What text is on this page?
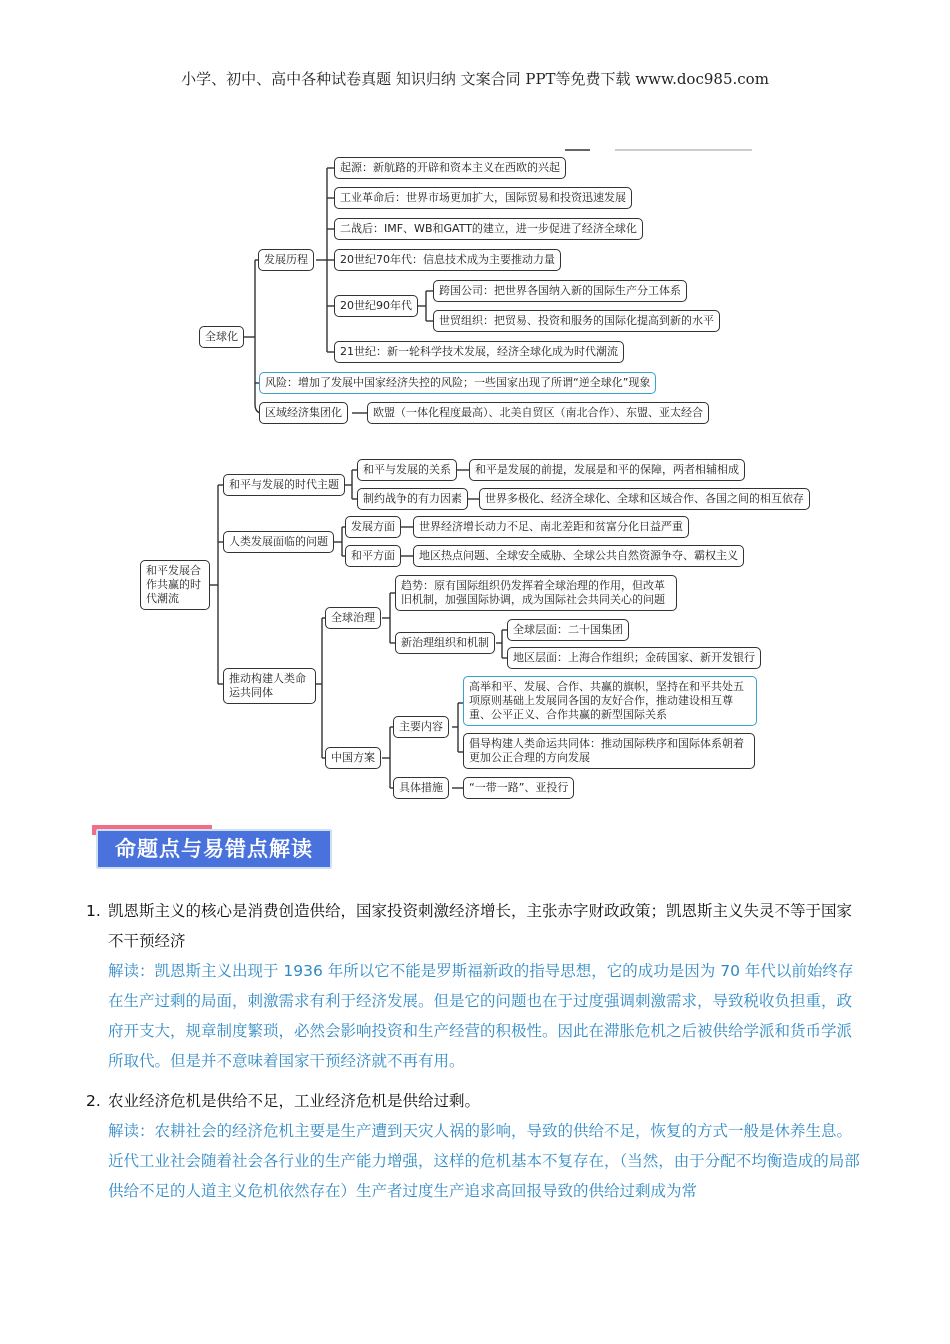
小学、初中、高中各种试卷真题 知识归纳 文案合同 PPT等免费下载 www.doc985.com
全球化
发展历程
起源：新航路的开辟和资本主义在西欧的兴起
工业革命后：世界市场更加扩大，国际贸易和投资迅速发展
二战后：IMF、WB和GATT的建立，进一步促进了经济全球化
20世纪70年代：信息技术成为主要推动力量
20世纪90年代
跨国公司：把世界各国纳入新的国际生产分工体系
世贸组织：把贸易、投资和服务的国际化提高到新的水平
21世纪：新一轮科学技术发展，经济全球化成为时代潮流
风险：增加了发展中国家经济失控的风险；一些国家出现了所谓“逆全球化”现象
区域经济集团化	欧盟（一体化程度最高）、北美自贸区（南北合作）、东盟、亚太经合
和平发展合作共赢的时代潮流
和平与发展的时代主题
和平与发展的关系	和平是发展的前提，发展是和平的保障，两者相辅相成
制约战争的有力因素	世界多极化、经济全球化、全球和区域合作、各国之间的相互依存
人类发展面临的问题
发展方面	世界经济增长动力不足、南北差距和贫富分化日益严重
和平方面	地区热点问题、全球安全威胁、全球公共自然资源争夺、霸权主义
推动构建人类命运共同体
全球治理
趋势：原有国际组织仍发挥着全球治理的作用，但改革旧机制，加强国际协调，成为国际社会共同关心的问题
新治理组织和机制
全球层面：二十国集团
地区层面：上海合作组织；金砖国家、新开发银行
中国方案
主要内容
高举和平、发展、合作、共赢的旗帜，坚持在和平共处五项原则基础上发展同各国的友好合作，推动建设相互尊重、公平正义、合作共赢的新型国际关系
倡导构建人类命运共同体：推动国际秩序和国际体系朝着更加公正合理的方向发展
具体措施	“一带一路”、亚投行
命题点与易错点解读
1. 凯恩斯主义的核心是消费创造供给，国家投资刺激经济增长，主张赤字财政政策；凯恩斯主义失灵不等于国家不干预经济
解读：凯恩斯主义出现于 1936 年所以它不能是罗斯福新政的指导思想，它的成功是因为 70 年代以前始终存在生产过剩的局面，刺激需求有利于经济发展。但是它的问题也在于过度强调刺激需求，导致税收负担重，政府开支大，规章制度繁琐，必然会影响投资和生产经营的积极性。因此在滞胀危机之后被供给学派和货币学派所取代。但是并不意味着国家干预经济就不再有用。
2. 农业经济危机是供给不足，工业经济危机是供给过剩。
解读：农耕社会的经济危机主要是生产遭到天灾人祸的影响，导致的供给不足，恢复的方式一般是休养生息。近代工业社会随着社会各行业的生产能力增强，这样的危机基本不复存在，（当然，由于分配不均衡造成的局部供给不足的人道主义危机依然存在）生产者过度生产追求高回报导致的供给过剩成为常
